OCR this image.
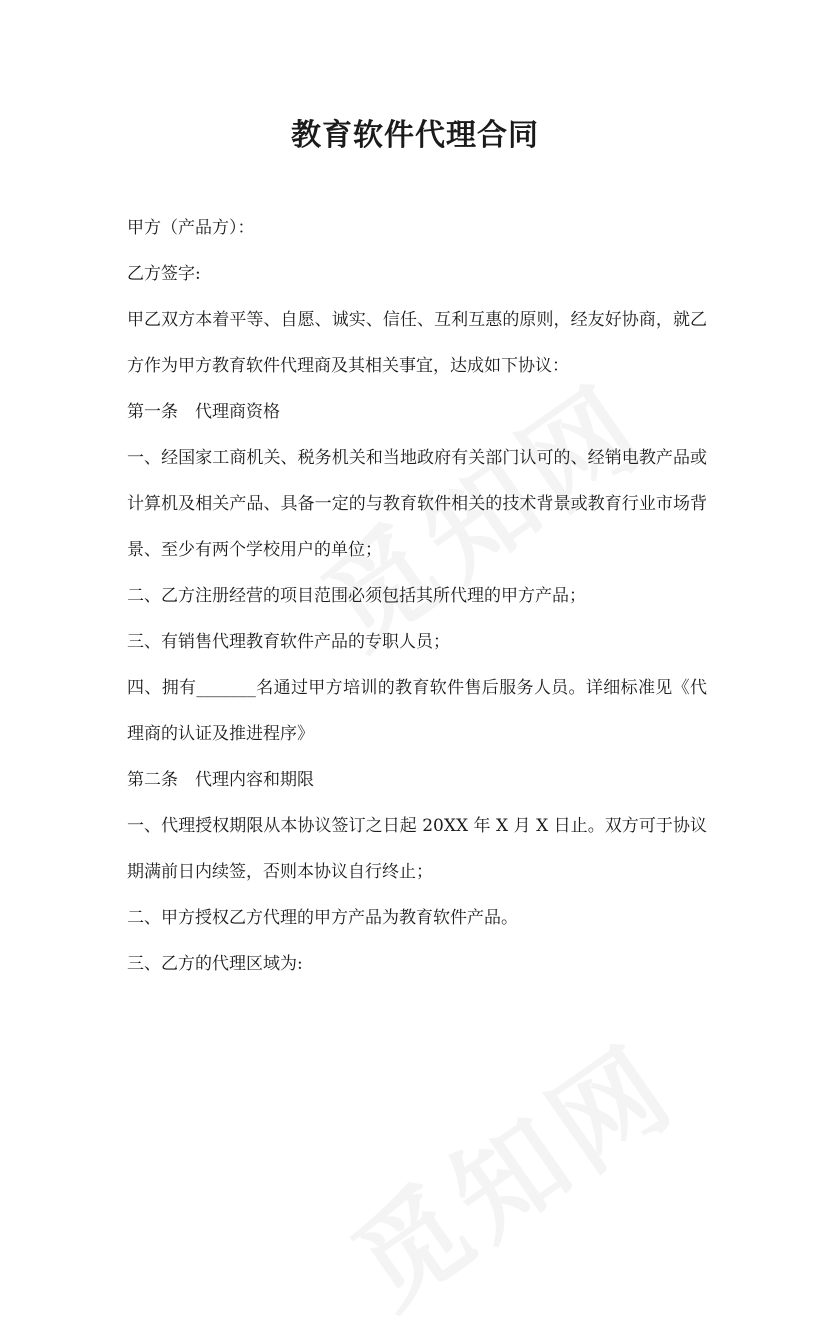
教育软件代理合同

甲方（产品方）：

乙方签字:

甲乙双方本着平等、自愿、诚实、信任、互利互惠的原则，经友好协商，就乙方作为甲方教育软件代理商及其相关事宜，达成如下协议：

第一条　代理商资格

一、经国家工商机关、税务机关和当地政府有关部门认可的、经销电教产品或计算机及相关产品、具备一定的与教育软件相关的技术背景或教育行业市场背景、至少有两个学校用户的单位；

二、乙方注册经营的项目范围必须包括其所代理的甲方产品；

三、有销售代理教育软件产品的专职人员；

四、拥有_______名通过甲方培训的教育软件售后服务人员。详细标准见《代理商的认证及推进程序》

第二条　代理内容和期限

一、代理授权期限从本协议签订之日起 20XX 年 X 月 X 日止。双方可于协议期满前日内续签，否则本协议自行终止；

二、甲方授权乙方代理的甲方产品为教育软件产品。

三、乙方的代理区域为:
